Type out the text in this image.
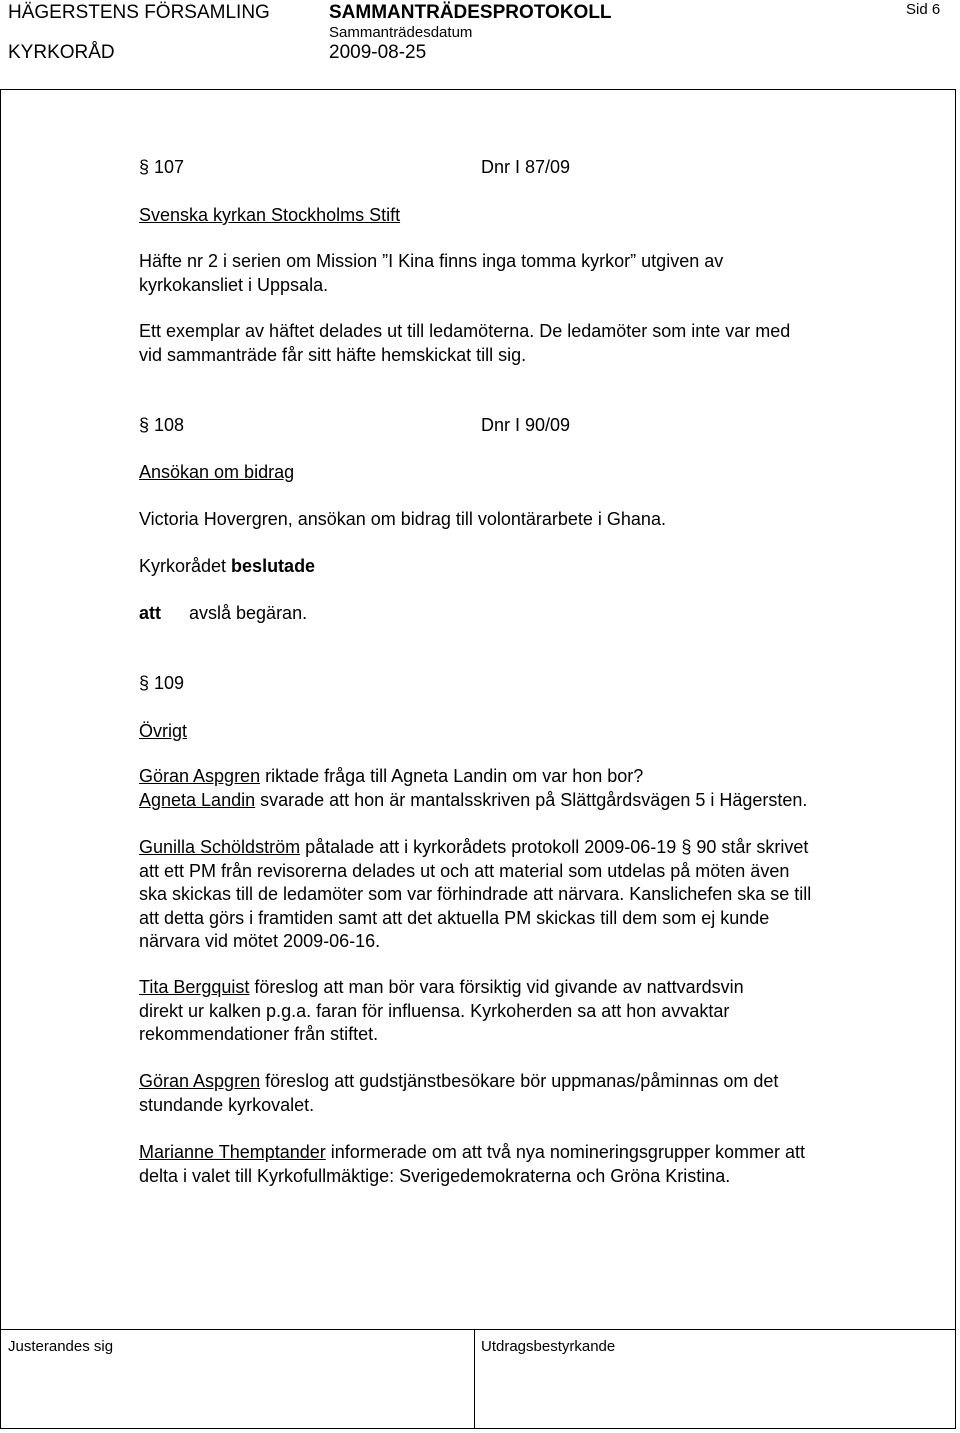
HÄGERSTENS FÖRSAMLING	SAMMANTRÄDESPROTOKOLL	Sid 6
KYRKORÅD
Sammanträdesdatum
2009-08-25
§ 107	Dnr I 87/09
Svenska kyrkan Stockholms Stift
Häfte nr 2 i serien om Mission ”I Kina finns inga tomma kyrkor” utgiven av
kyrkokansliet i Uppsala.
Ett exemplar av häftet delades ut till ledamöterna. De ledamöter som inte var med
vid sammanträde får sitt häfte hemskickat till sig.
§ 108	Dnr I 90/09
Ansökan om bidrag
Victoria Hovergren, ansökan om bidrag till volontärarbete i Ghana.
Kyrkorådet beslutade
att avslå begäran.
§ 109
Övrigt
Göran Aspgren riktade fråga till Agneta Landin om var hon bor?
Agneta Landin svarade att hon är mantalsskriven på Slättgårdsvägen 5 i Hägersten.
Gunilla Schöldström påtalade att i kyrkorådets protokoll 2009-06-19 § 90 står skrivet
att ett PM från revisorerna delades ut och att material som utdelas på möten även
ska skickas till de ledamöter som var förhindrade att närvara. Kanslichefen ska se till
att detta görs i framtiden samt att det aktuella PM skickas till dem som ej kunde
närvara vid mötet 2009-06-16.
Tita Bergquist föreslog att man bör vara försiktig vid givande av nattvardsvin
direkt ur kalken p.g.a. faran för influensa. Kyrkoherden sa att hon avvaktar
rekommendationer från stiftet.
Göran Aspgren föreslog att gudstjänstbesökare bör uppmanas/påminnas om det
stundande kyrkovalet.
Marianne Themptander informerade om att två nya nomineringsgrupper kommer att
delta i valet till Kyrkofullmäktige: Sverigedemokraterna och Gröna Kristina.
Justerandes sig	Utdragsbestyrkande
